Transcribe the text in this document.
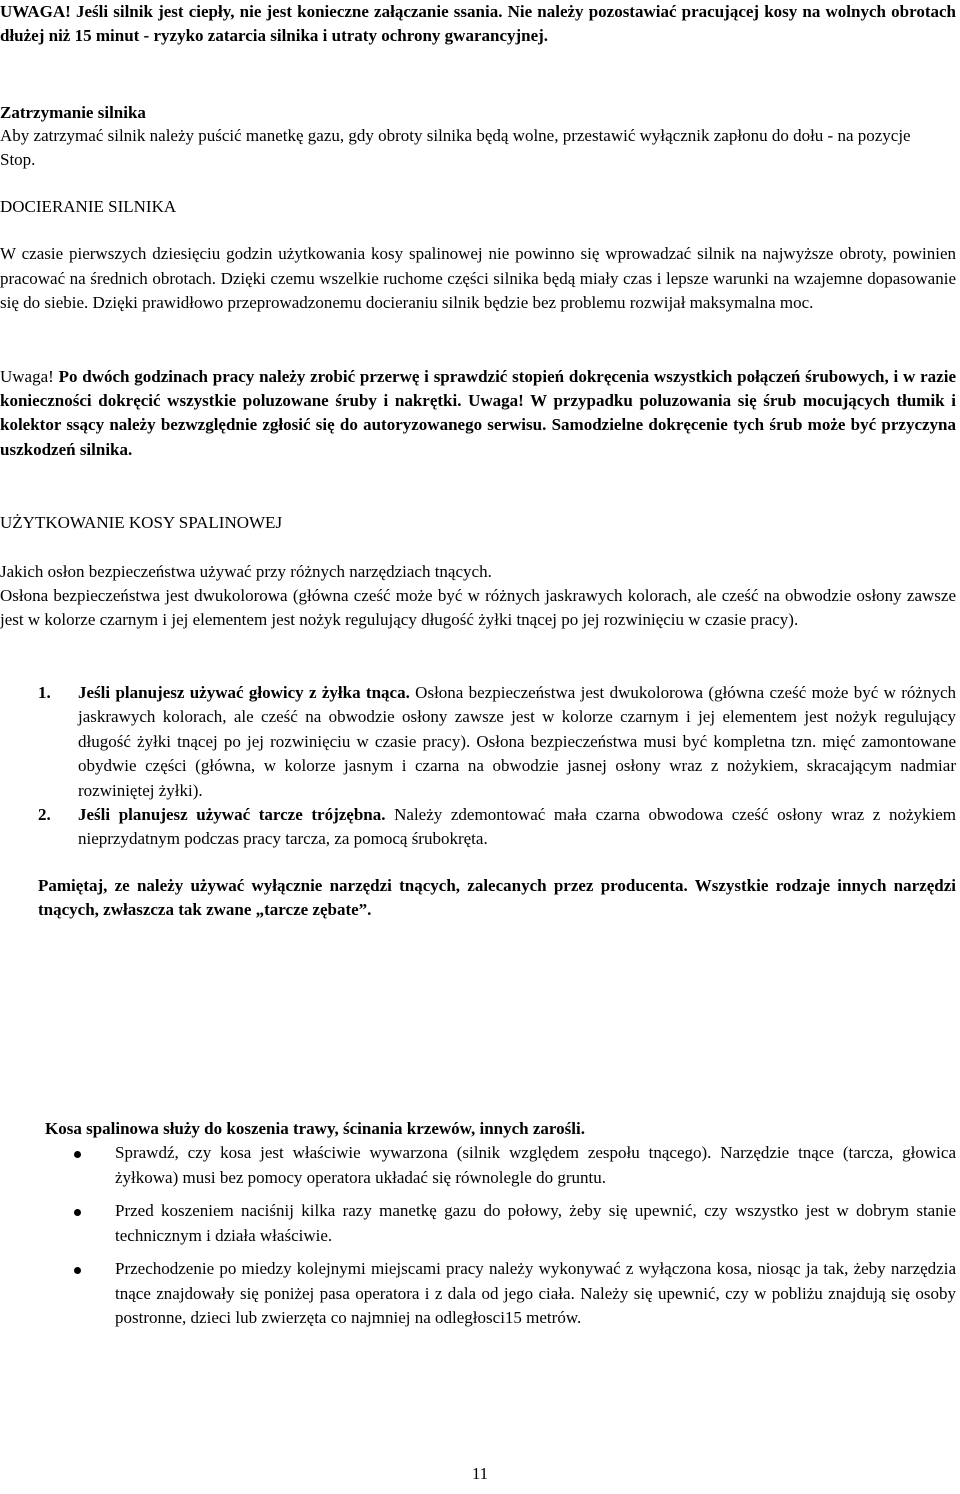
UWAGA! Jeśli silnik jest ciepły, nie jest konieczne załączanie ssania. Nie należy pozostawiać pracującej kosy na wolnych obrotach dłużej niż 15 minut - ryzyko zatarcia silnika i utraty ochrony gwarancyjnej.

Zatrzymanie silnika

Aby zatrzymać silnik należy puścić manetkę gazu, gdy obroty silnika będą wolne, przestawić wyłącznik zapłonu do dołu - na pozycje Stop.

DOCIERANIE SILNIKA

W czasie pierwszych dziesięciu godzin użytkowania kosy spalinowej nie powinno się wprowadzać silnik na najwyższe obroty, powinien pracować na średnich obrotach. Dzięki czemu wszelkie ruchome części silnika będą miały czas i lepsze warunki na wzajemne dopasowanie się do siebie. Dzięki prawidłowo przeprowadzonemu docieraniu silnik będzie bez problemu rozwijał maksymalna moc.

Uwaga! Po dwóch godzinach pracy należy zrobić przerwę i sprawdzić stopień dokręcenia wszystkich połączeń śrubowych, i w razie konieczności dokręcić wszystkie poluzowane śruby i nakrętki. Uwaga! W przypadku poluzowania się śrub mocujących tłumik i kolektor ssący należy bezwzględnie zgłosić się do autoryzowanego serwisu. Samodzielne dokręcenie tych śrub może być przyczyna uszkodzeń silnika.

UŻYTKOWANIE KOSY SPALINOWEJ

Jakich osłon bezpieczeństwa używać przy różnych narzędziach tnących.

Osłona bezpieczeństwa jest dwukolorowa (główna cześć może być w różnych jaskrawych kolorach, ale cześć na obwodzie osłony zawsze jest w kolorze czarnym i jej elementem jest nożyk regulujący długość żyłki tnącej po jej rozwinięciu w czasie pracy).

1. Jeśli planujesz używać głowicy z żyłka tnąca. Osłona bezpieczeństwa jest dwukolorowa (główna cześć może być w różnych jaskrawych kolorach, ale cześć na obwodzie osłony zawsze jest w kolorze czarnym i jej elementem jest nożyk regulujący długość żyłki tnącej po jej rozwinięciu w czasie pracy). Osłona bezpieczeństwa musi być kompletna tzn. mięć zamontowane obydwie części (główna, w kolorze jasnym i czarna na obwodzie jasnej osłony wraz z nożykiem, skracającym nadmiar rozwiniętej żyłki).

2. Jeśli planujesz używać tarcze trójzębna. Należy zdemontować mała czarna obwodowa cześć osłony wraz z nożykiem nieprzydatnym podczas pracy tarcza, za pomocą śrubokręta.

Pamiętaj, ze należy używać wyłącznie narzędzi tnących, zalecanych przez producenta. Wszystkie rodzaje innych narzędzi tnących, zwłaszcza tak zwane „tarcze zębate”.

Kosa spalinowa służy do koszenia trawy, ścinania krzewów, innych zarośli.

Sprawdź, czy kosa jest właściwie wywarzona (silnik względem zespołu tnącego). Narzędzie tnące (tarcza, głowica żyłkowa) musi bez pomocy operatora układać się równolegle do gruntu.
Przed koszeniem naciśnij kilka razy manetkę gazu do połowy, żeby się upewnić, czy wszystko jest w dobrym stanie technicznym i działa właściwie.
Przechodzenie po miedzy kolejnymi miejscami pracy należy wykonywać z wyłączona kosa, niosąc ja tak, żeby narzędzia tnące znajdowały się poniżej pasa operatora i z dala od jego ciała. Należy się upewnić, czy w pobliżu znajdują się osoby postronne, dzieci lub zwierzęta co najmniej na odległosci15 metrów.

11
